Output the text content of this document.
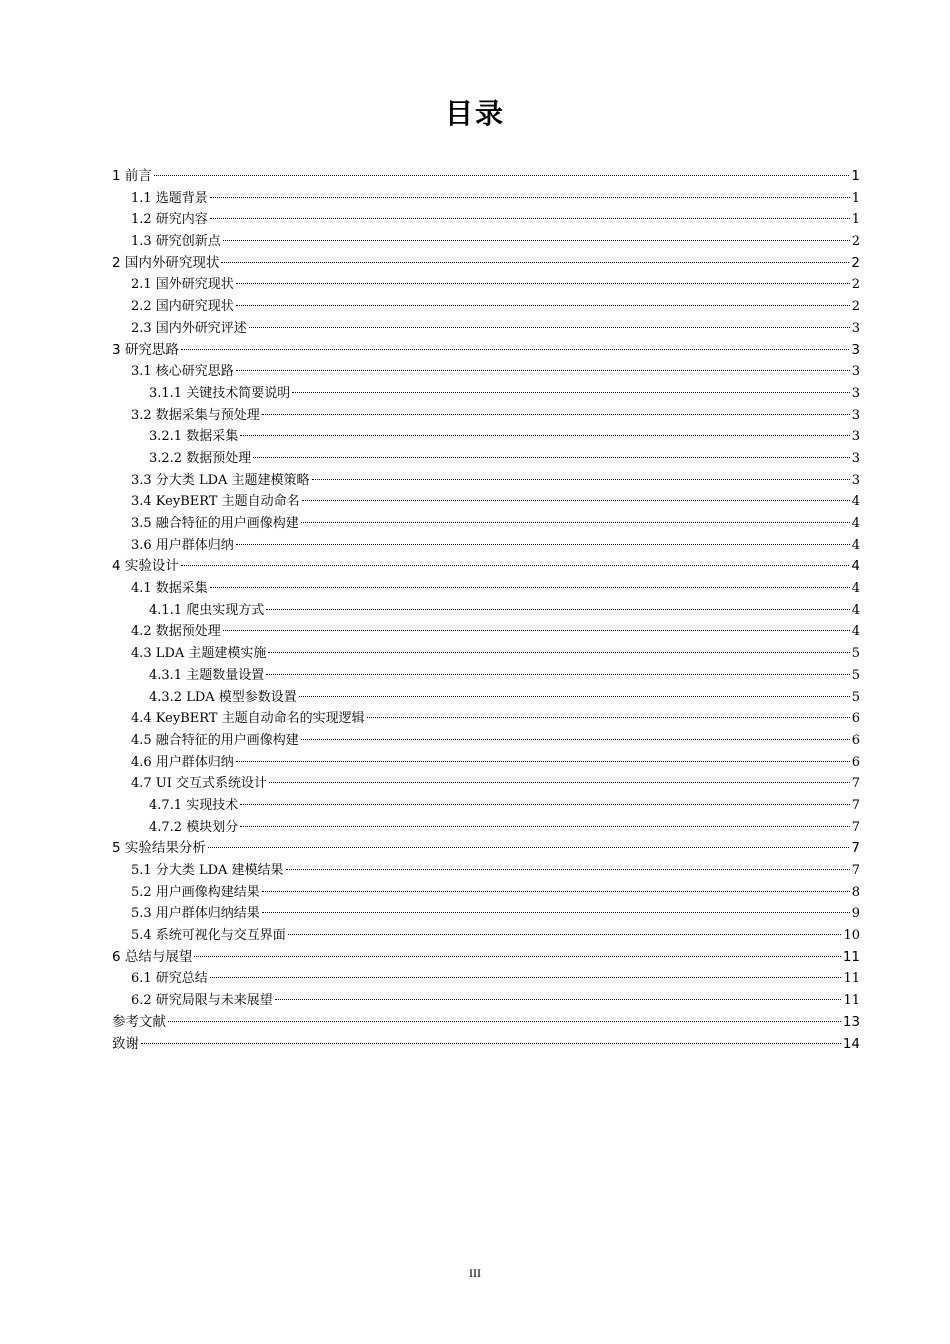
目录
1 前言	1
1.1 选题背景	1
1.2 研究内容	1
1.3 研究创新点	2
2 国内外研究现状	2
2.1 国外研究现状	2
2.2 国内研究现状	2
2.3 国内外研究评述	3
3 研究思路	3
3.1 核心研究思路	3
3.1.1 关键技术简要说明	3
3.2 数据采集与预处理	3
3.2.1 数据采集	3
3.2.2 数据预处理	3
3.3 分大类 LDA 主题建模策略	3
3.4 KeyBERT 主题自动命名	4
3.5 融合特征的用户画像构建	4
3.6 用户群体归纳	4
4 实验设计	4
4.1 数据采集	4
4.1.1 爬虫实现方式	4
4.2 数据预处理	4
4.3 LDA 主题建模实施	5
4.3.1 主题数量设置	5
4.3.2 LDA 模型参数设置	5
4.4 KeyBERT 主题自动命名的实现逻辑	6
4.5 融合特征的用户画像构建	6
4.6 用户群体归纳	6
4.7 UI 交互式系统设计	7
4.7.1 实现技术	7
4.7.2 模块划分	7
5 实验结果分析	7
5.1 分大类 LDA 建模结果	7
5.2 用户画像构建结果	8
5.3 用户群体归纳结果	9
5.4 系统可视化与交互界面	10
6 总结与展望	11
6.1 研究总结	11
6.2 研究局限与未来展望	11
参考文献	13
致谢	14
III
